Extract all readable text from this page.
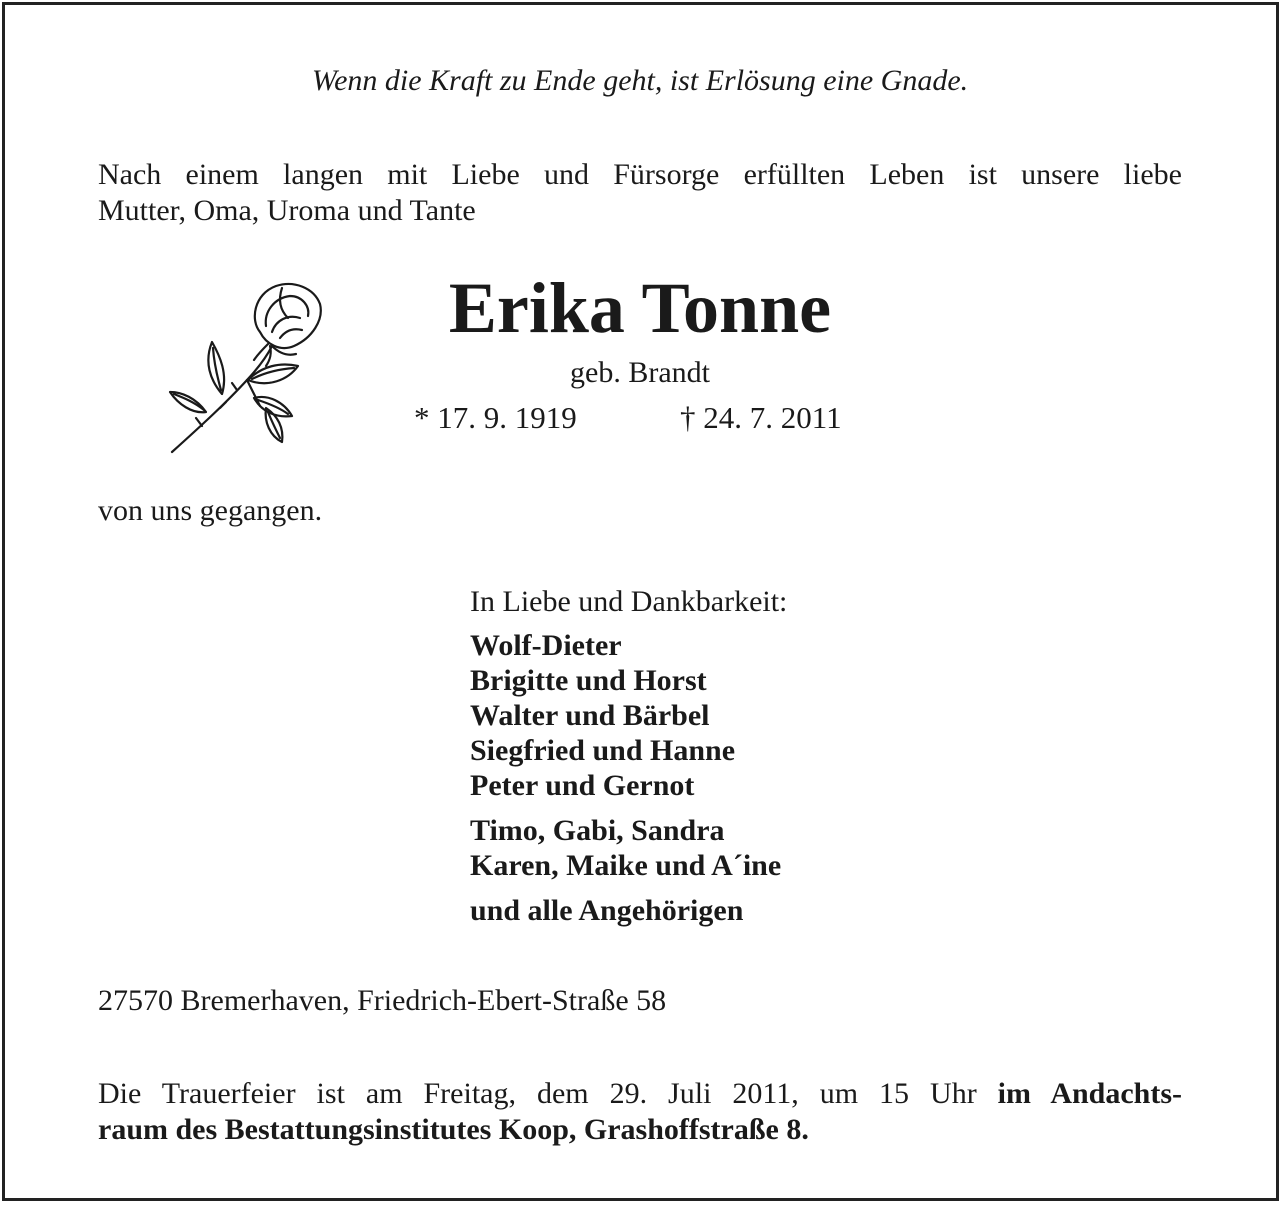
Wenn die Kraft zu Ende geht, ist Erlösung eine Gnade.
Nach einem langen mit Liebe und Fürsorge erfüllten Leben ist unsere liebe
Mutter, Oma, Uroma und Tante
Erika Tonne
geb. Brandt
* 17. 9. 1919	† 24. 7. 2011
von uns gegangen.
In Liebe und Dankbarkeit:
Wolf-Dieter
Brigitte und Horst
Walter und Bärbel
Siegfried und Hanne
Peter und Gernot
Timo, Gabi, Sandra
Karen, Maike und A´ine
und alle Angehörigen
27570 Bremerhaven, Friedrich-Ebert-Straße 58
Die Trauerfeier ist am Freitag, dem 29. Juli 2011, um 15 Uhr im Andachts-
raum des Bestattungsinstitutes Koop, Grashoffstraße 8.
